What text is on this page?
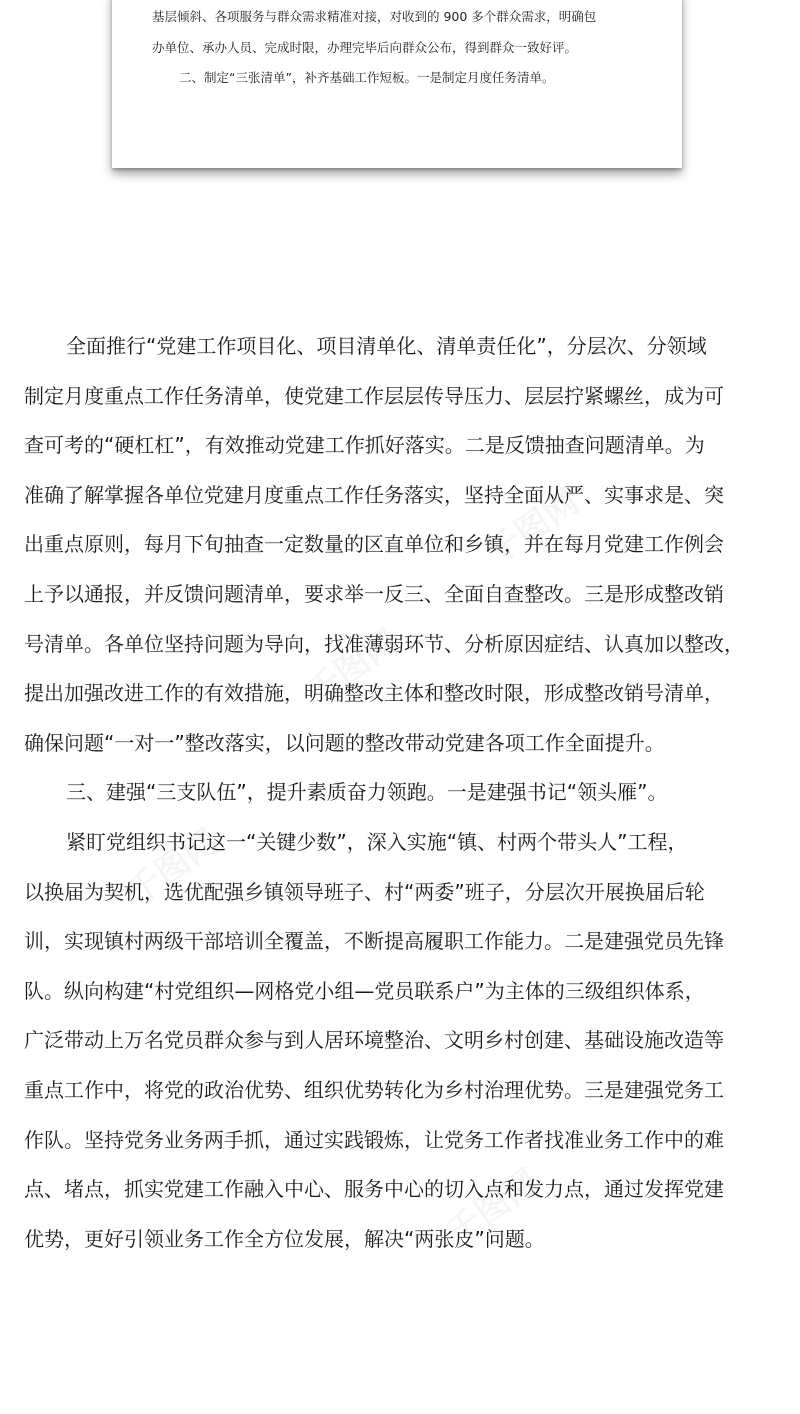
基层倾斜、各项服务与群众需求精准对接，对收到的 900 多个群众需求，明确包

办单位、承办人员、完成时限，办理完毕后向群众公布，得到群众一致好评。

二、制定“三张清单”，补齐基础工作短板。一是制定月度任务清单。

全面推行“党建工作项目化、项目清单化、清单责任化”，分层次、分领域

制定月度重点工作任务清单，使党建工作层层传导压力、层层拧紧螺丝，成为可

查可考的“硬杠杠”，有效推动党建工作抓好落实。二是反馈抽查问题清单。为

准确了解掌握各单位党建月度重点工作任务落实，坚持全面从严、实事求是、突

出重点原则，每月下旬抽查一定数量的区直单位和乡镇，并在每月党建工作例会

上予以通报，并反馈问题清单，要求举一反三、全面自查整改。三是形成整改销

号清单。各单位坚持问题为导向，找准薄弱环节、分析原因症结、认真加以整改，

提出加强改进工作的有效措施，明确整改主体和整改时限，形成整改销号清单，

确保问题“一对一”整改落实，以问题的整改带动党建各项工作全面提升。

三、建强“三支队伍”，提升素质奋力领跑。一是建强书记“领头雁”。

紧盯党组织书记这一“关键少数”，深入实施“镇、村两个带头人”工程，

以换届为契机，选优配强乡镇领导班子、村“两委”班子，分层次开展换届后轮

训，实现镇村两级干部培训全覆盖，不断提高履职工作能力。二是建强党员先锋

队。纵向构建“村党组织—网格党小组—党员联系户”为主体的三级组织体系，

广泛带动上万名党员群众参与到人居环境整治、文明乡村创建、基础设施改造等

重点工作中，将党的政治优势、组织优势转化为乡村治理优势。三是建强党务工

作队。坚持党务业务两手抓，通过实践锻炼，让党务工作者找准业务工作中的难

点、堵点，抓实党建工作融入中心、服务中心的切入点和发力点，通过发挥党建

优势，更好引领业务工作全方位发展，解决“两张皮”问题。
